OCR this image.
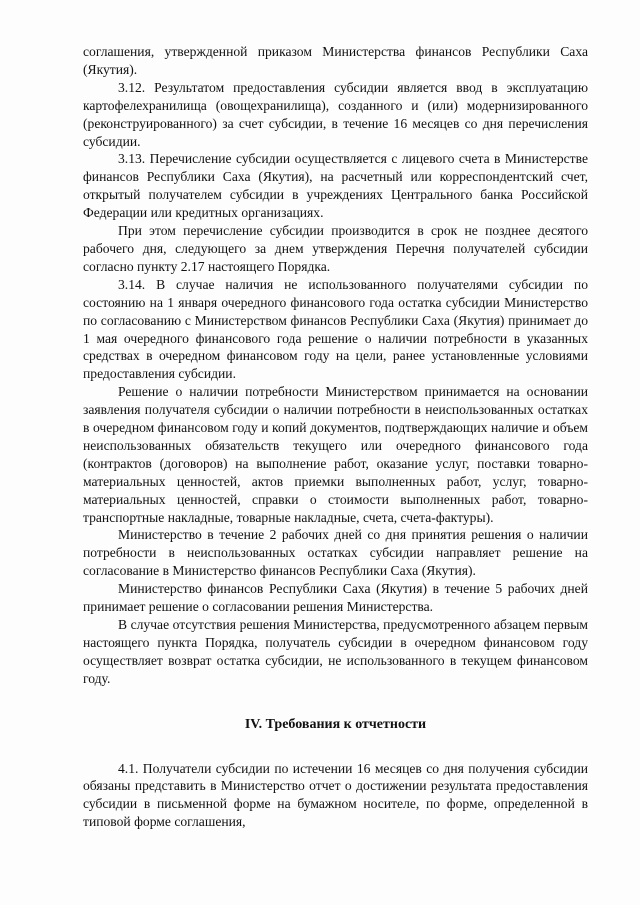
соглашения, утвержденной приказом Министерства финансов Республики Саха (Якутия).

3.12. Результатом предоставления субсидии является ввод в эксплуатацию картофелехранилища (овощехранилища), созданного и (или) модернизированного (реконструированного) за счет субсидии, в течение 16 месяцев со дня перечисления субсидии.

3.13. Перечисление субсидии осуществляется с лицевого счета в Министерстве финансов Республики Саха (Якутия), на расчетный или корреспондентский счет, открытый получателем субсидии в учреждениях Центрального банка Российской Федерации или кредитных организациях.

При этом перечисление субсидии производится в срок не позднее десятого рабочего дня, следующего за днем утверждения Перечня получателей субсидии согласно пункту 2.17 настоящего Порядка.

3.14. В случае наличия не использованного получателями субсидии по состоянию на 1 января очередного финансового года остатка субсидии Министерство по согласованию с Министерством финансов Республики Саха (Якутия) принимает до 1 мая очередного финансового года решение о наличии потребности в указанных средствах в очередном финансовом году на цели, ранее установленные условиями предоставления субсидии.

Решение о наличии потребности Министерством принимается на основании заявления получателя субсидии о наличии потребности в неиспользованных остатках в очередном финансовом году и копий документов, подтверждающих наличие и объем неиспользованных обязательств текущего или очередного финансового года (контрактов (договоров) на выполнение работ, оказание услуг, поставки товарно-материальных ценностей, актов приемки выполненных работ, услуг, товарно-материальных ценностей, справки о стоимости выполненных работ, товарно-транспортные накладные, товарные накладные, счета, счета-фактуры).

Министерство в течение 2 рабочих дней со дня принятия решения о наличии потребности в неиспользованных остатках субсидии направляет решение на согласование в Министерство финансов Республики Саха (Якутия).

Министерство финансов Республики Саха (Якутия) в течение 5 рабочих дней принимает решение о согласовании решения Министерства.

В случае отсутствия решения Министерства, предусмотренного абзацем первым настоящего пункта Порядка, получатель субсидии в очередном финансовом году осуществляет возврат остатка субсидии, не использованного в текущем финансовом году.

IV. Требования к отчетности

4.1. Получатели субсидии по истечении 16 месяцев со дня получения субсидии обязаны представить в Министерство отчет о достижении результата предоставления субсидии в письменной форме на бумажном носителе, по форме, определенной в типовой форме соглашения,
